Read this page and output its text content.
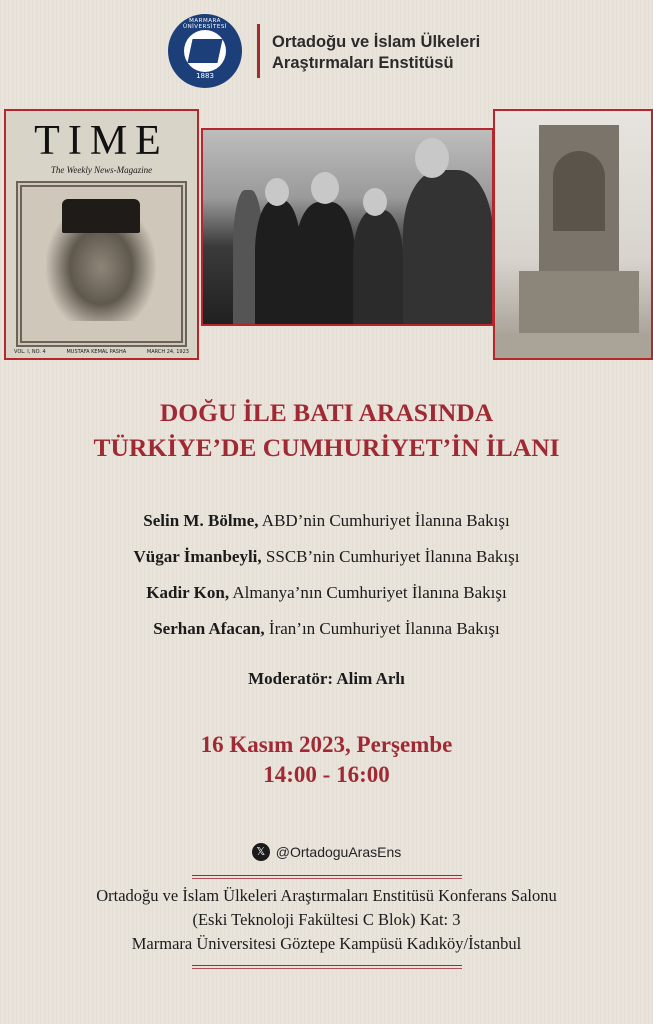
MARMARA ÜNİVERSİTESİ
1883
Ortadoğu ve İslam Ülkeleri
Araştırmaları Enstitüsü
TIME
The Weekly News-Magazine
VOL. I, NO. 4	MUSTAFA KEMAL PASHA	MARCH 24, 1923
DOĞU İLE BATI ARASINDA
TÜRKİYE’DE CUMHURİYET’İN İLANI
Selin M. Bölme, ABD’nin Cumhuriyet İlanına Bakışı
Vügar İmanbeyli, SSCB’nin Cumhuriyet İlanına Bakışı
Kadir Kon, Almanya’nın Cumhuriyet İlanına Bakışı
Serhan Afacan, İran’ın Cumhuriyet İlanına Bakışı
Moderatör: Alim Arlı
16 Kasım 2023, Perşembe
14:00 - 16:00
𝕏 @OrtadoguArasEns
Ortadoğu ve İslam Ülkeleri Araştırmaları Enstitüsü Konferans Salonu
(Eski Teknoloji Fakültesi C Blok) Kat: 3
Marmara Üniversitesi Göztepe Kampüsü Kadıköy/İstanbul
